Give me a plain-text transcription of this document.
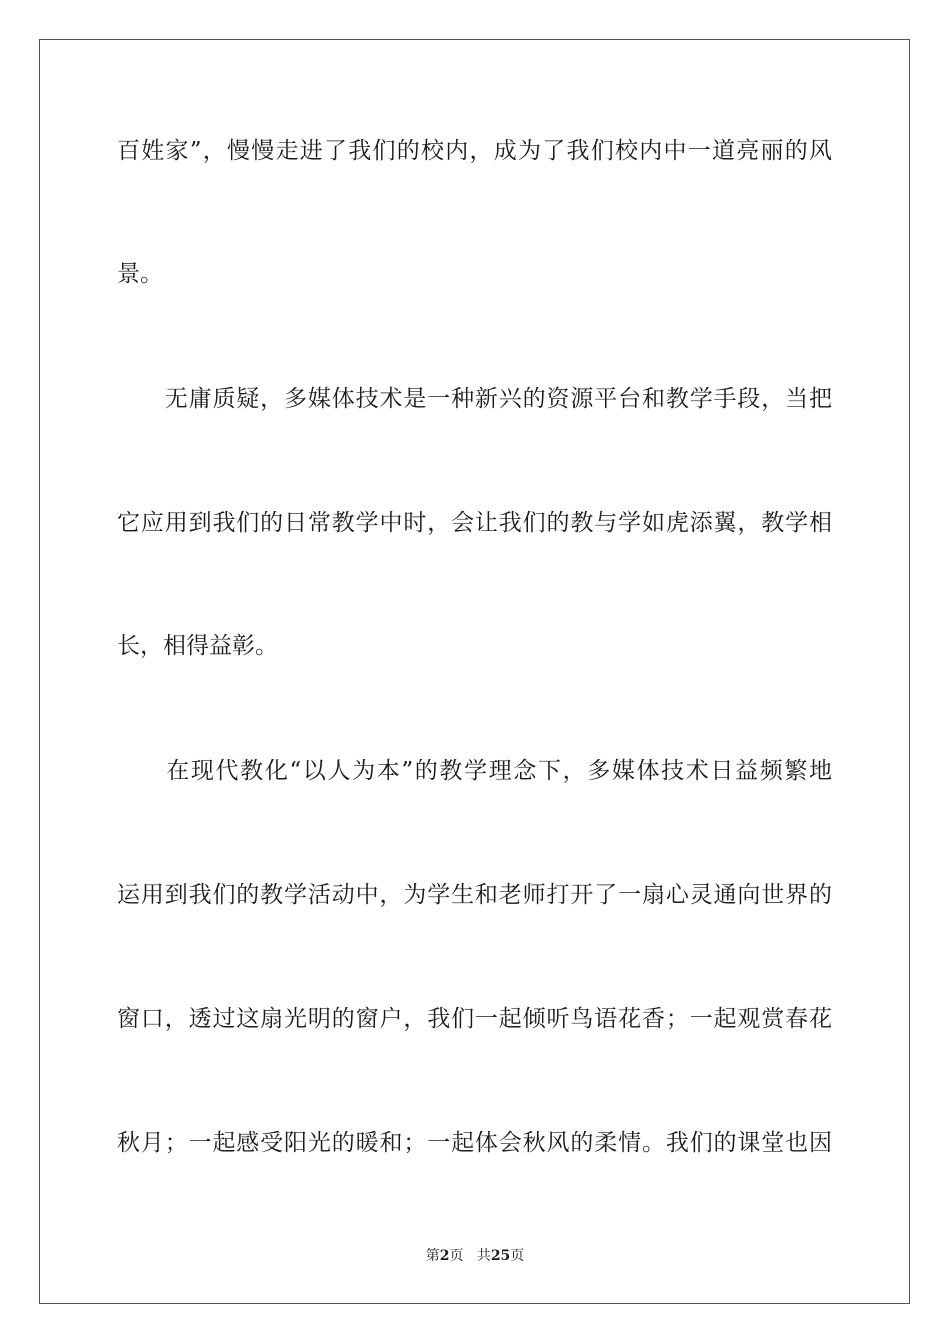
百姓家”，慢慢走进了我们的校内，成为了我们校内中一道亮丽的风
景。
　　无庸质疑，多媒体技术是一种新兴的资源平台和教学手段，当把
它应用到我们的日常教学中时，会让我们的教与学如虎添翼，教学相
长，相得益彰。
　　在现代教化“以人为本”的教学理念下，多媒体技术日益频繁地
运用到我们的教学活动中，为学生和老师打开了一扇心灵通向世界的
窗口，透过这扇光明的窗户，我们一起倾听鸟语花香；一起观赏春花
秋月；一起感受阳光的暖和；一起体会秋风的柔情。我们的课堂也因
第2页 共25页
